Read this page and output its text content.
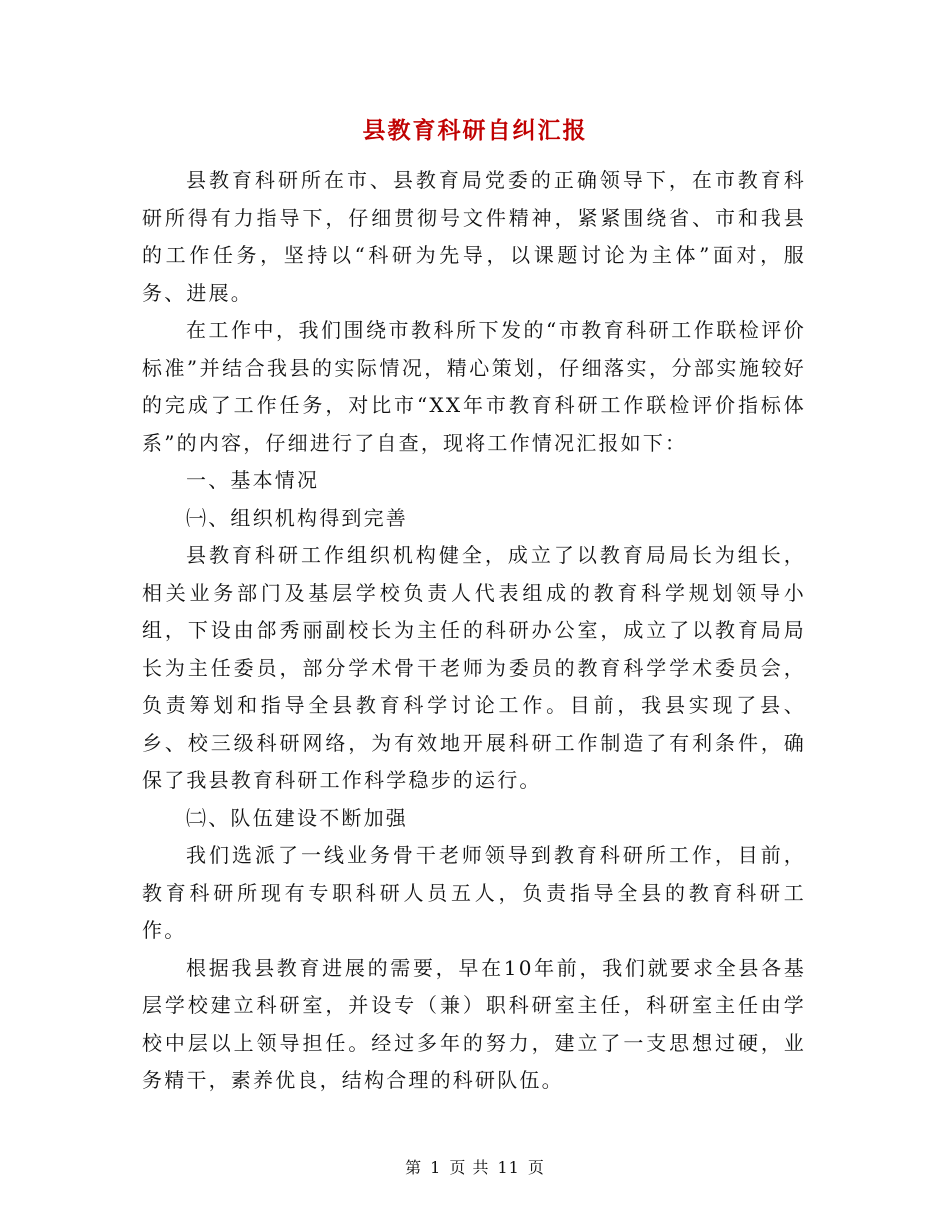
县教育科研自纠汇报

县教育科研所在市、县教育局党委的正确领导下，在市教育科研所得有力指导下，仔细贯彻号文件精神，紧紧围绕省、市和我县的工作任务，坚持以“科研为先导，以课题讨论为主体”面对，服务、进展。

在工作中，我们围绕市教科所下发的“市教育科研工作联检评价标准”并结合我县的实际情况，精心策划，仔细落实，分部实施较好的完成了工作任务，对比市“XX年市教育科研工作联检评价指标体系”的内容，仔细进行了自查，现将工作情况汇报如下：

一、基本情况

㈠、组织机构得到完善

县教育科研工作组织机构健全，成立了以教育局局长为组长，相关业务部门及基层学校负责人代表组成的教育科学规划领导小组，下设由郃秀丽副校长为主任的科研办公室，成立了以教育局局长为主任委员，部分学术骨干老师为委员的教育科学学术委员会，负责筹划和指导全县教育科学讨论工作。目前，我县实现了县、乡、校三级科研网络，为有效地开展科研工作制造了有利条件，确保了我县教育科研工作科学稳步的运行。

㈡、队伍建设不断加强

我们选派了一线业务骨干老师领导到教育科研所工作，目前，教育科研所现有专职科研人员五人，负责指导全县的教育科研工作。

根据我县教育进展的需要，早在10年前，我们就要求全县各基层学校建立科研室，并设专（兼）职科研室主任，科研室主任由学校中层以上领导担任。经过多年的努力，建立了一支思想过硬，业务精干，素养优良，结构合理的科研队伍。

第 1 页 共 11 页
